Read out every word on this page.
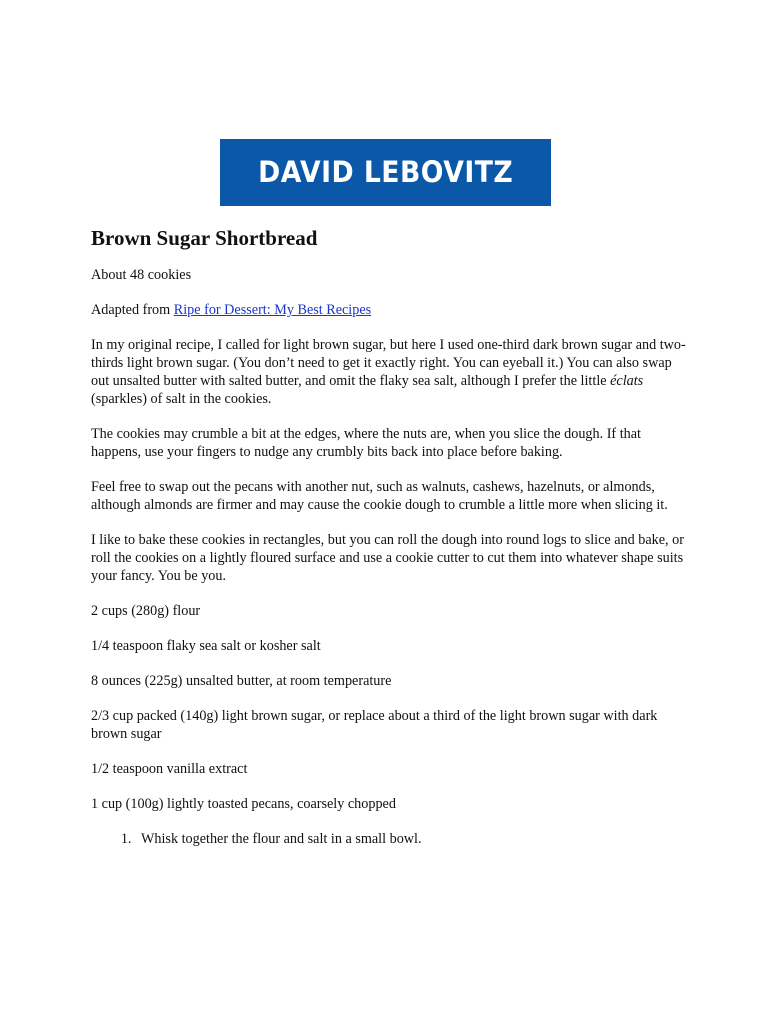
DAVID LEBOVITZ
Brown Sugar Shortbread

About 48 cookies

Adapted from Ripe for Dessert: My Best Recipes

In my original recipe, I called for light brown sugar, but here I used one-third dark brown sugar and two-thirds light brown sugar. (You don’t need to get it exactly right. You can eyeball it.) You can also swap out unsalted butter with salted butter, and omit the flaky sea salt, although I prefer the little éclats (sparkles) of salt in the cookies.

The cookies may crumble a bit at the edges, where the nuts are, when you slice the dough. If that happens, use your fingers to nudge any crumbly bits back into place before baking.

Feel free to swap out the pecans with another nut, such as walnuts, cashews, hazelnuts, or almonds, although almonds are firmer and may cause the cookie dough to crumble a little more when slicing it.

I like to bake these cookies in rectangles, but you can roll the dough into round logs to slice and bake, or roll the cookies on a lightly floured surface and use a cookie cutter to cut them into whatever shape suits your fancy. You be you.

2 cups (280g) flour

1/4 teaspoon flaky sea salt or kosher salt

8 ounces (225g) unsalted butter, at room temperature

2/3 cup packed (140g) light brown sugar, or replace about a third of the light brown sugar with dark brown sugar

1/2 teaspoon vanilla extract

1 cup (100g) lightly toasted pecans, coarsely chopped

1. Whisk together the flour and salt in a small bowl.
